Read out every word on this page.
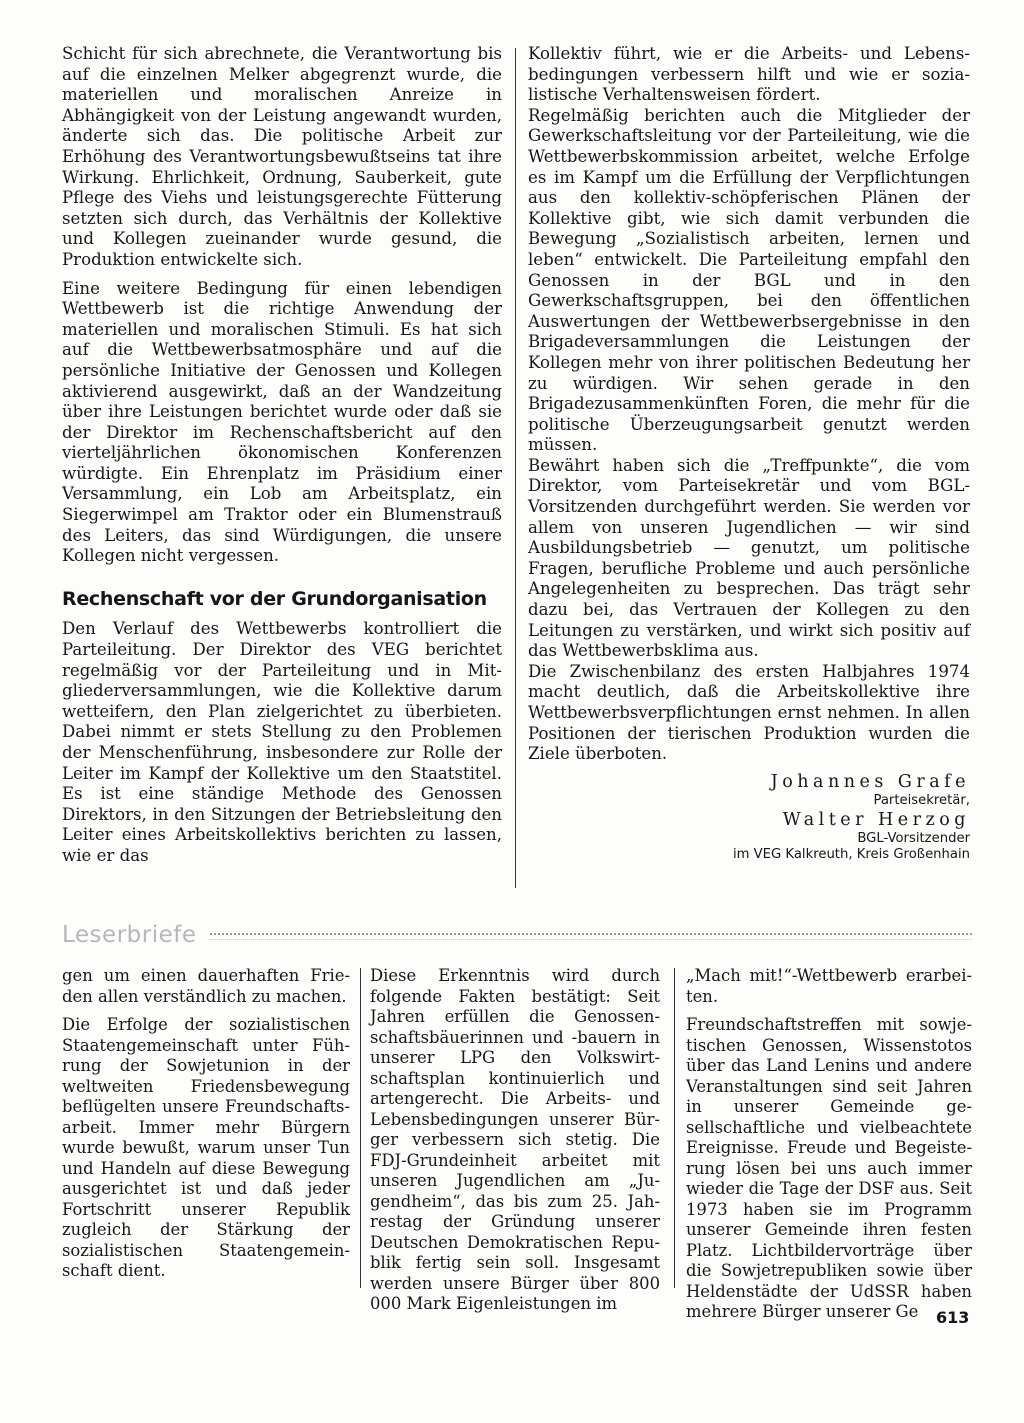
Schicht für sich abrechnete, die Verantwortung bis auf die einzelnen Melker abgegrenzt wurde, die materiellen und moralischen Anreize in Abhängigkeit von der Leistung angewandt wurden, änderte sich das. Die politische Arbeit zur Erhöhung des Verantwortungsbewußtseins tat ihre Wirkung. Ehrlichkeit, Ordnung, Sauberkeit, gute Pflege des Viehs und leistungsgerechte Fütterung setzten sich durch, das Verhältnis der Kollektive und Kollegen zueinander wurde gesund, die Produktion entwickelte sich.

Eine weitere Bedingung für einen lebendigen Wettbewerb ist die richtige Anwendung der materiellen und moralischen Stimuli. Es hat sich auf die Wettbewerbsatmosphäre und auf die persönliche Initiative der Genossen und Kollegen aktivierend ausgewirkt, daß an der Wandzeitung über ihre Leistungen berichtet wurde oder daß sie der Direktor im Rechenschaftsbericht auf den vierteljährlichen ökonomischen Konferenzen würdigte. Ein Ehrenplatz im Präsidium einer Versammlung, ein Lob am Arbeitsplatz, ein Siegerwimpel am Traktor oder ein Blumenstrauß des Leiters, das sind Würdigungen, die unsere Kollegen nicht vergessen.

Rechenschaft vor der Grundorganisation

Den Verlauf des Wettbewerbs kontrolliert die Parteileitung. Der Direktor des VEG berichtet regelmäßig vor der Parteileitung und in Mitgliederversammlungen, wie die Kollektive darum wetteifern, den Plan zielgerichtet zu überbieten. Dabei nimmt er stets Stellung zu den Problemen der Menschenführung, insbesondere zur Rolle der Leiter im Kampf der Kollektive um den Staatstitel. Es ist eine ständige Methode des Genossen Direktors, in den Sitzungen der Betriebsleitung den Leiter eines Arbeitskollektivs berichten zu lassen, wie er das

Kollektiv führt, wie er die Arbeits- und Lebensbedingungen verbessern hilft und wie er sozialistische Verhaltensweisen fördert.

Regelmäßig berichten auch die Mitglieder der Gewerkschaftsleitung vor der Parteileitung, wie die Wettbewerbskommission arbeitet, welche Erfolge es im Kampf um die Erfüllung der Verpflichtungen aus den kollektiv-schöpferischen Plänen der Kollektive gibt, wie sich damit verbunden die Bewegung „Sozialistisch arbeiten, lernen und leben“ entwickelt. Die Parteileitung empfahl den Genossen in der BGL und in den Gewerkschaftsgruppen, bei den öffentlichen Auswertungen der Wettbewerbsergebnisse in den Brigadeversammlungen die Leistungen der Kollegen mehr von ihrer politischen Bedeutung her zu würdigen. Wir sehen gerade in den Brigadezusammenkünften Foren, die mehr für die politische Überzeugungsarbeit genutzt werden müssen.

Bewährt haben sich die „Treffpunkte“, die vom Direktor, vom Parteisekretär und vom BGL-Vorsitzenden durchgeführt werden. Sie werden vor allem von unseren Jugendlichen — wir sind Ausbildungsbetrieb — genutzt, um politische Fragen, berufliche Probleme und auch persönliche Angelegenheiten zu besprechen. Das trägt sehr dazu bei, das Vertrauen der Kollegen zu den Leitungen zu verstärken, und wirkt sich positiv auf das Wettbewerbsklima aus.

Die Zwischenbilanz des ersten Halbjahres 1974 macht deutlich, daß die Arbeitskollektive ihre Wettbewerbsverpflichtungen ernst nehmen. In allen Positionen der tierischen Produktion wurden die Ziele überboten.

Johannes Grafe
Parteisekretär,
Walter Herzog
BGL-Vorsitzender
im VEG Kalkreuth, Kreis Großenhain
Leserbriefe

gen um einen dauerhaften Frieden allen verständlich zu machen.

Die Erfolge der sozialistischen Staatengemeinschaft unter Führung der Sowjetunion in der weltweiten Friedensbewegung beflügelten unsere Freundschaftsarbeit. Immer mehr Bürgern wurde bewußt, warum unser Tun und Handeln auf diese Bewegung ausgerichtet ist und daß jeder Fortschritt unserer Republik zugleich der Stärkung der sozialistischen Staatengemeinschaft dient.

Diese Erkenntnis wird durch folgende Fakten bestätigt: Seit Jahren erfüllen die Genossenschaftsbäuerinnen und -bauern in unserer LPG den Volkswirtschaftsplan kontinuierlich und artengerecht. Die Arbeits- und Lebensbedingungen unserer Bürger verbessern sich stetig. Die FDJ-Grundeinheit arbeitet mit unseren Jugendlichen am „Jugendheim“, das bis zum 25. Jahrestag der Gründung unserer Deutschen Demokratischen Republik fertig sein soll. Insgesamt werden unsere Bürger über 800 000 Mark Eigenleistungen im

„Mach mit!“-Wettbewerb erarbeiten.

Freundschaftstreffen mit sowjetischen Genossen, Wissenstotos über das Land Lenins und andere Veranstaltungen sind seit Jahren in unserer Gemeinde gesellschaftliche und vielbeachtete Ereignisse. Freude und Begeisterung lösen bei uns auch immer wieder die Tage der DSF aus. Seit 1973 haben sie im Programm unserer Gemeinde ihren festen Platz. Lichtbildervorträge über die Sowjetrepubliken sowie über Heldenstädte der UdSSR haben mehrere Bürger unserer Ge	613
